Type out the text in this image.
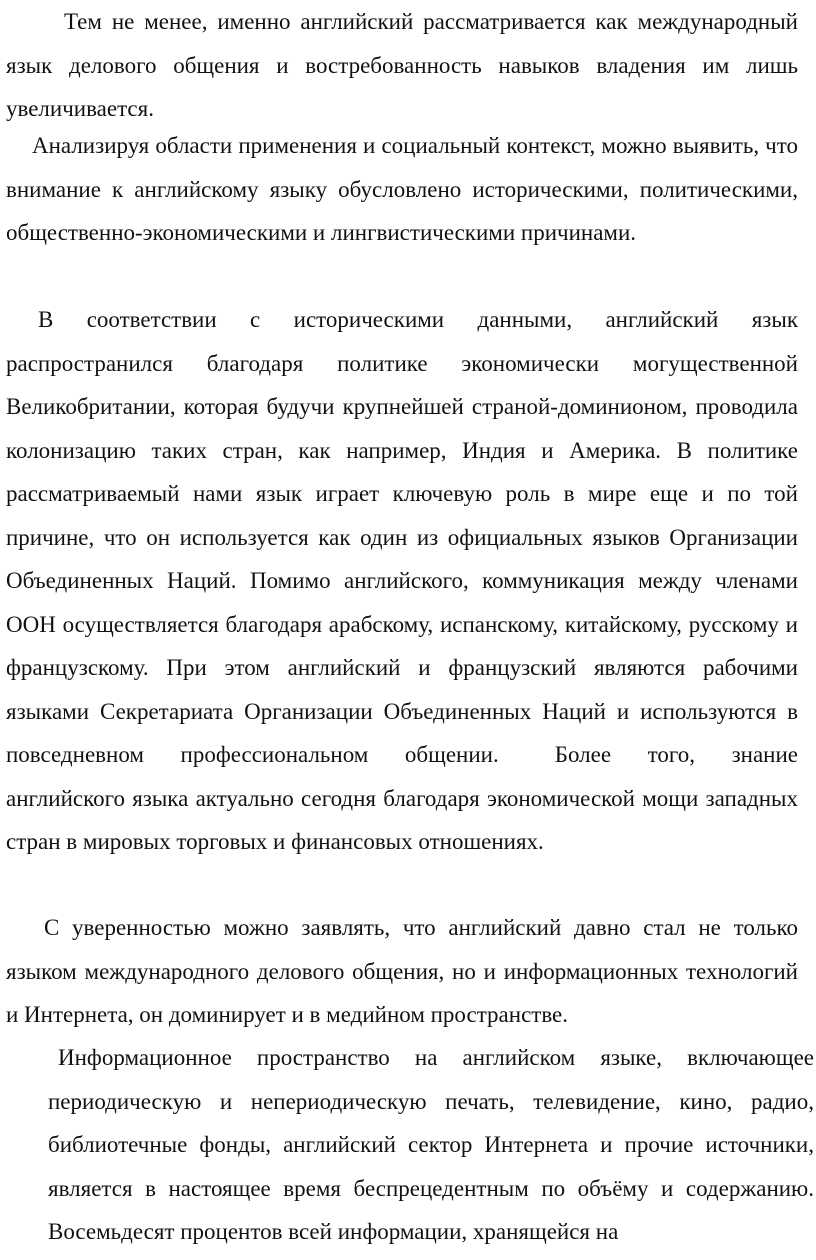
Тем не менее, именно английский рассматривается как международный язык делового общения и востребованность навыков владения им лишь увеличивается.

Анализируя области применения и социальный контекст, можно выявить, что внимание к английскому языку обусловлено историческими, политическими, общественно-экономическими и лингвистическими причинами.

В соответствии с историческими данными, английский язык распространился благодаря политике экономически могущественной Великобритании, которая будучи крупнейшей страной-доминионом, проводила колонизацию таких стран, как например, Индия и Америка. В политике рассматриваемый нами язык играет ключевую роль в мире еще и по той причине, что он используется как один из официальных языков Организации Объединенных Наций. Помимо английского, коммуникация между членами ООН осуществляется благодаря арабскому, испанскому, китайскому, русскому и французскому. При этом английский и французский являются рабочими языками Секретариата Организации Объединенных Наций и используются в повседневном профессиональном общении. Более того, знание английского языка актуально сегодня благодаря экономической мощи западных стран в мировых торговых и финансовых отношениях.

С уверенностью можно заявлять, что английский давно стал не только языком международного делового общения, но и информационных технологий и Интернета, он доминирует и в медийном пространстве.

Информационное пространство на английском языке, включающее периодическую и непериодическую печать, телевидение, кино, радио, библиотечные фонды, английский сектор Интернета и прочие источники, является в настоящее время беспрецедентным по объёму и содержанию. Восемьдесят процентов всей информации, хранящейся на
